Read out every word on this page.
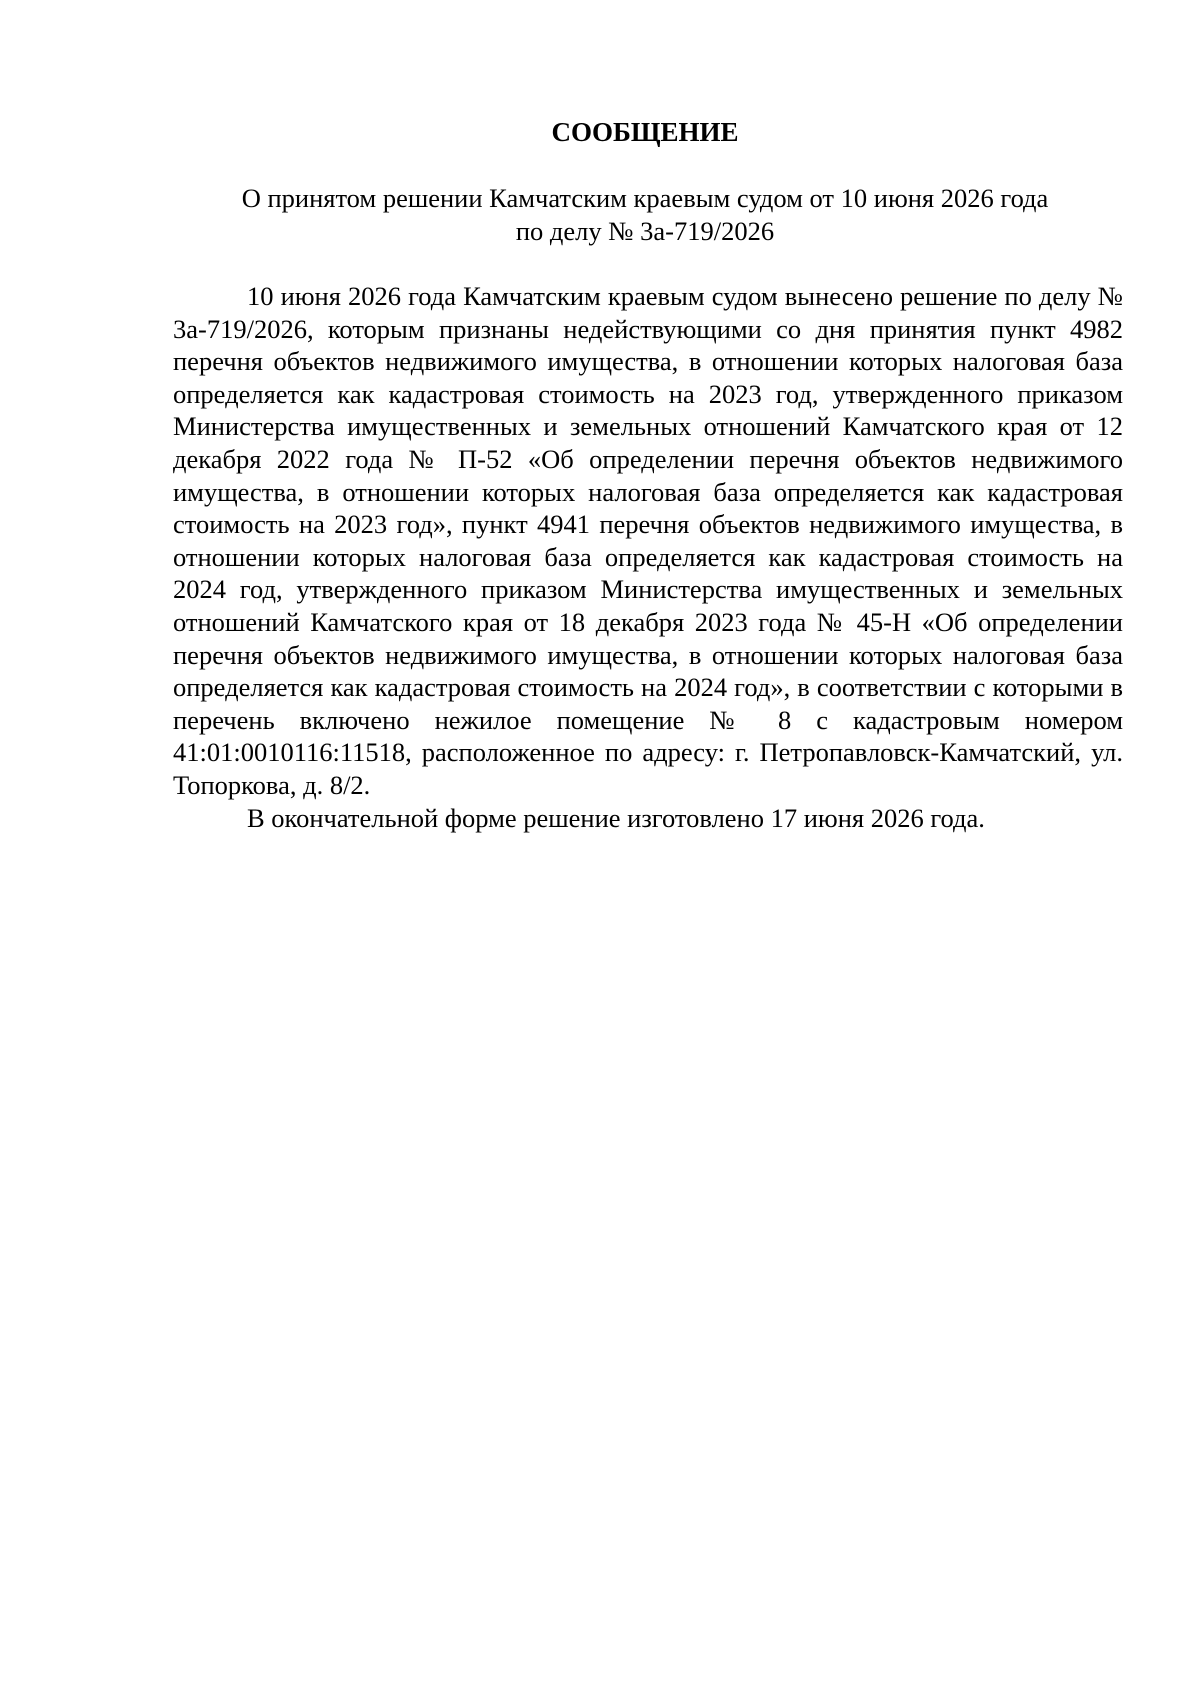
СООБЩЕНИЕ
О принятом решении Камчатским краевым судом от 10 июня 2026 года
по делу № 3а-719/2026

10 июня 2026 года Камчатским краевым судом вынесено решение по делу № 3а-719/2026, которым признаны недействующими со дня принятия пункт 4982 перечня объектов недвижимого имущества, в отношении которых налоговая база определяется как кадастровая стоимость на 2023 год, утвержденного приказом Министерства имущественных и земельных отношений Камчатского края от 12 декабря 2022 года № П-52 «Об определении перечня объектов недвижимого имущества, в отношении которых налоговая база определяется как кадастровая стоимость на 2023 год», пункт 4941 перечня объектов недвижимого имущества, в отношении которых налоговая база определяется как кадастровая стоимость на 2024 год, утвержденного приказом Министерства имущественных и земельных отношений Камчатского края от 18 декабря 2023 года № 45-Н «Об определении перечня объектов недвижимого имущества, в отношении которых налоговая база определяется как кадастровая стоимость на 2024 год», в соответствии с которыми в перечень включено нежилое помещение № 8 с кадастровым номером 41:01:0010116:11518, расположенное по адресу: г. Петропавловск-Камчатский, ул. Топоркова, д. 8/2.

В окончательной форме решение изготовлено 17 июня 2026 года.
